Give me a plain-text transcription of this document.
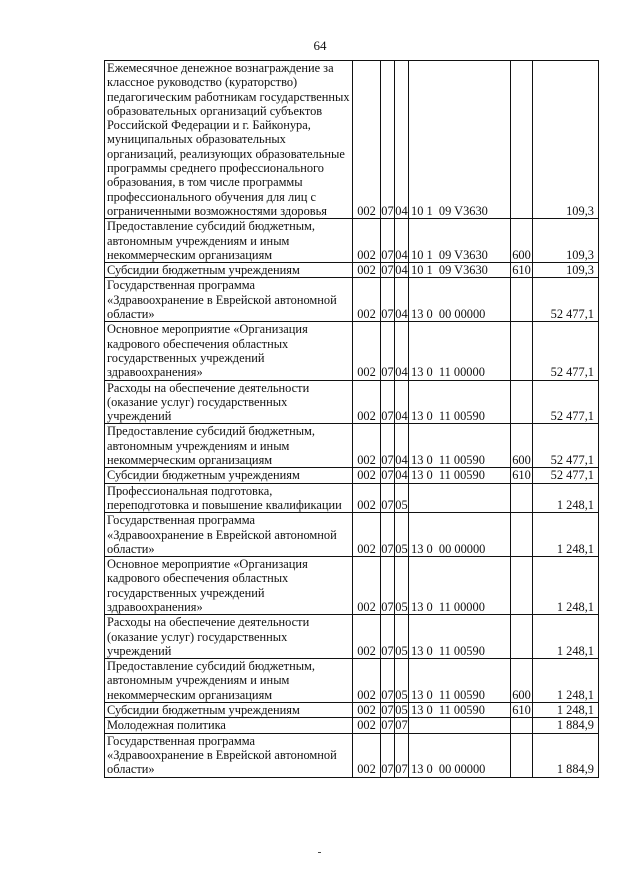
64
Ежемесячное денежное вознаграждение за классное руководство (кураторство) педагогическим работникам государственных образовательных организаций субъектов Российской Федерации и г. Байконура, муниципальных образовательных организаций, реализующих образовательные программы среднего профессионального образования, в том числе программы профессионального обучения для лиц с ограниченными возможностями здоровья	002	07	04	10 1  09 V3630		109,3
Предоставление субсидий бюджетным, автономным учреждениям и иным некоммерческим организациям	002	07	04	10 1  09 V3630	600	109,3
Субсидии бюджетным учреждениям	002	07	04	10 1  09 V3630	610	109,3
Государственная программа «Здравоохранение в Еврейской автономной области»	002	07	04	13 0  00 00000		52 477,1
Основное мероприятие «Организация кадрового обеспечения областных государственных учреждений здравоохранения»	002	07	04	13 0  11 00000		52 477,1
Расходы на обеспечение деятельности (оказание услуг) государственных учреждений	002	07	04	13 0  11 00590		52 477,1
Предоставление субсидий бюджетным, автономным учреждениям и иным некоммерческим организациям	002	07	04	13 0  11 00590	600	52 477,1
Субсидии бюджетным учреждениям	002	07	04	13 0  11 00590	610	52 477,1
Профессиональная подготовка, переподготовка и повышение квалификации	002	07	05			1 248,1
Государственная программа «Здравоохранение в Еврейской автономной области»	002	07	05	13 0  00 00000		1 248,1
Основное мероприятие «Организация кадрового обеспечения областных государственных учреждений здравоохранения»	002	07	05	13 0  11 00000		1 248,1
Расходы на обеспечение деятельности (оказание услуг) государственных учреждений	002	07	05	13 0  11 00590		1 248,1
Предоставление субсидий бюджетным, автономным учреждениям и иным некоммерческим организациям	002	07	05	13 0  11 00590	600	1 248,1
Субсидии бюджетным учреждениям	002	07	05	13 0  11 00590	610	1 248,1
Молодежная политика	002	07	07			1 884,9
Государственная программа «Здравоохранение в Еврейской автономной области»	002	07	07	13 0  00 00000		1 884,9
